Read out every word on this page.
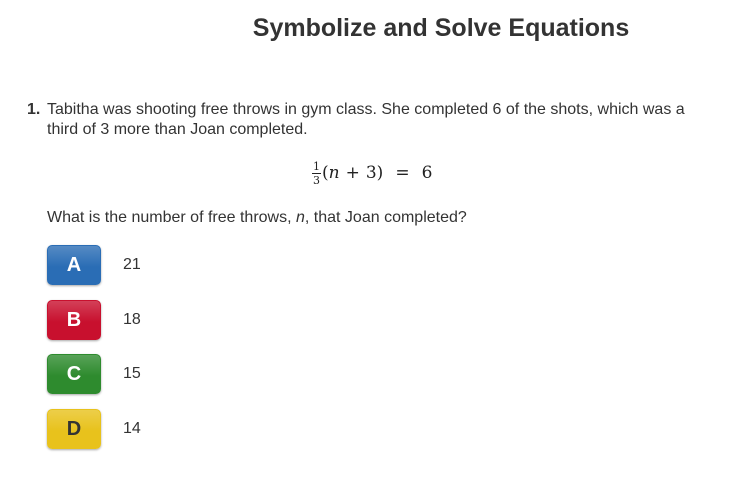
Symbolize and Solve Equations
1. Tabitha was shooting free throws in gym class. She completed 6 of the shots, which was a third of 3 more than Joan completed.
$\frac{1}{3}$ ( n + 3 ) = 6
What is the number of free throws, n, that Joan completed?
A	21
B	18
C	15
D	14
